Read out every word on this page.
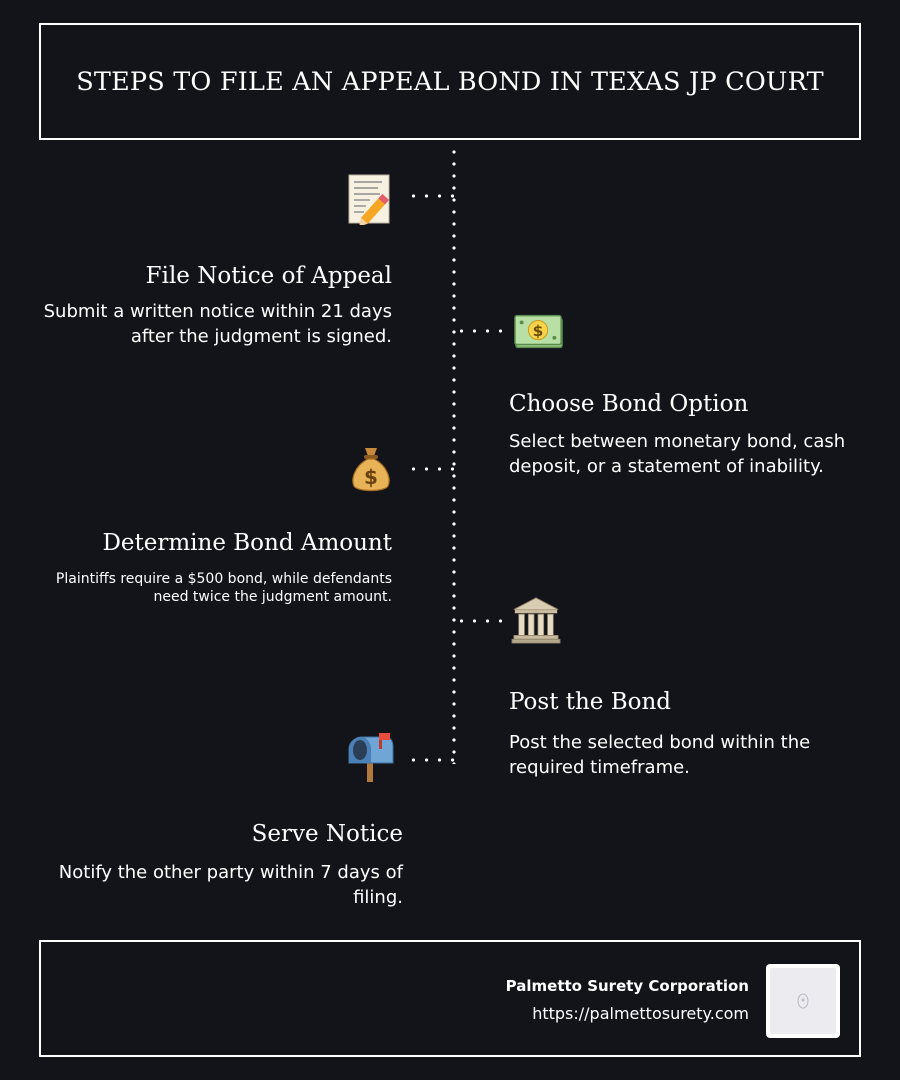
STEPS TO FILE AN APPEAL BOND IN TEXAS JP COURT
File Notice of Appeal

Submit a written notice within 21 days after the judgment is signed.	$
Choose Bond Option

Select between monetary bond, cash deposit, or a statement of inability.

$
Determine Bond Amount

Plaintiffs require a $500 bond, while defendants need twice the judgment amount.

Post the Bond

Post the selected bond within the required timeframe.

Serve Notice

Notify the other party within 7 days of filing.

Palmetto Surety Corporation
https://palmettosurety.com
